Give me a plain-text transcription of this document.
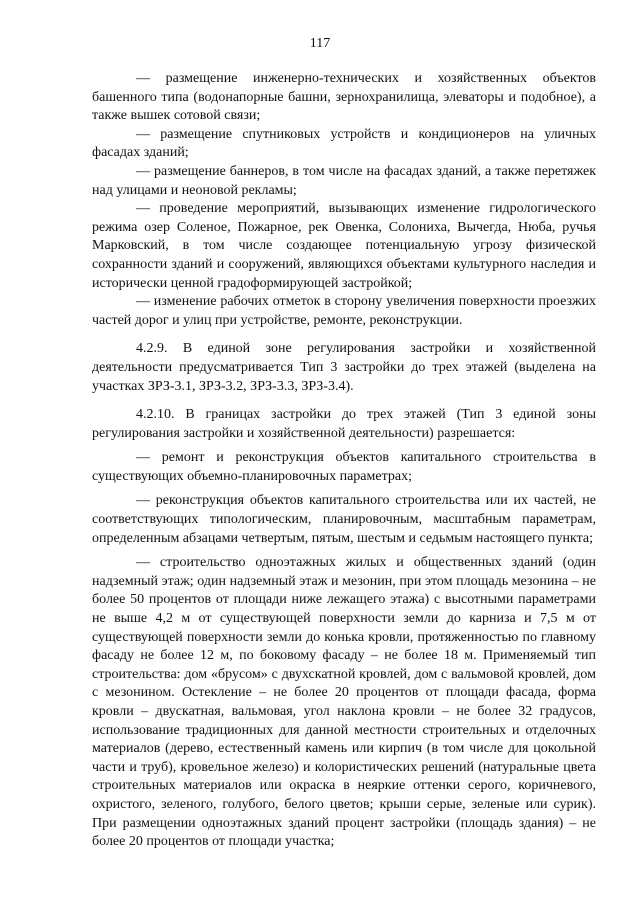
117

— размещение инженерно-технических и хозяйственных объектов башенного типа (водонапорные башни, зернохранилища, элеваторы и подобное), а также вышек сотовой связи;

— размещение спутниковых устройств и кондиционеров на уличных фасадах зданий;

— размещение баннеров, в том числе на фасадах зданий, а также перетяжек над улицами и неоновой рекламы;

— проведение мероприятий, вызывающих изменение гидрологического режима озер Соленое, Пожарное, рек Овенка, Солониха, Вычегда, Нюба, ручья Марковский, в том числе создающее потенциальную угрозу физической сохранности зданий и сооружений, являющихся объектами культурного наследия и исторически ценной градоформирующей застройкой;

— изменение рабочих отметок в сторону увеличения поверхности проезжих частей дорог и улиц при устройстве, ремонте, реконструкции.

4.2.9. В единой зоне регулирования застройки и хозяйственной деятельности предусматривается Тип 3 застройки до трех этажей (выделена на участках ЗРЗ-3.1, ЗРЗ-3.2, ЗРЗ-3.3, ЗРЗ-3.4).

4.2.10. В границах застройки до трех этажей (Тип 3 единой зоны регулирования застройки и хозяйственной деятельности) разрешается:

— ремонт и реконструкция объектов капитального строительства в существующих объемно-планировочных параметрах;

— реконструкция объектов капитального строительства или их частей, не соответствующих типологическим, планировочным, масштабным параметрам, определенным абзацами четвертым, пятым, шестым и седьмым настоящего пункта;

— строительство одноэтажных жилых и общественных зданий (один надземный этаж; один надземный этаж и мезонин, при этом площадь мезонина – не более 50 процентов от площади ниже лежащего этажа) с высотными параметрами не выше 4,2 м от существующей поверхности земли до карниза и 7,5 м от существующей поверхности земли до конька кровли, протяженностью по главному фасаду не более 12 м, по боковому фасаду – не более 18 м. Применяемый тип строительства: дом «брусом» с двухскатной кровлей, дом с вальмовой кровлей, дом с мезонином. Остекление – не более 20 процентов от площади фасада, форма кровли – двускатная, вальмовая, угол наклона кровли – не более 32 градусов, использование традиционных для данной местности строительных и отделочных материалов (дерево, естественный камень или кирпич (в том числе для цокольной части и труб), кровельное железо) и колористических решений (натуральные цвета строительных материалов или окраска в неяркие оттенки серого, коричневого, охристого, зеленого, голубого, белого цветов; крыши серые, зеленые или сурик). При размещении одноэтажных зданий процент застройки (площадь здания) – не более 20 процентов от площади участка;
